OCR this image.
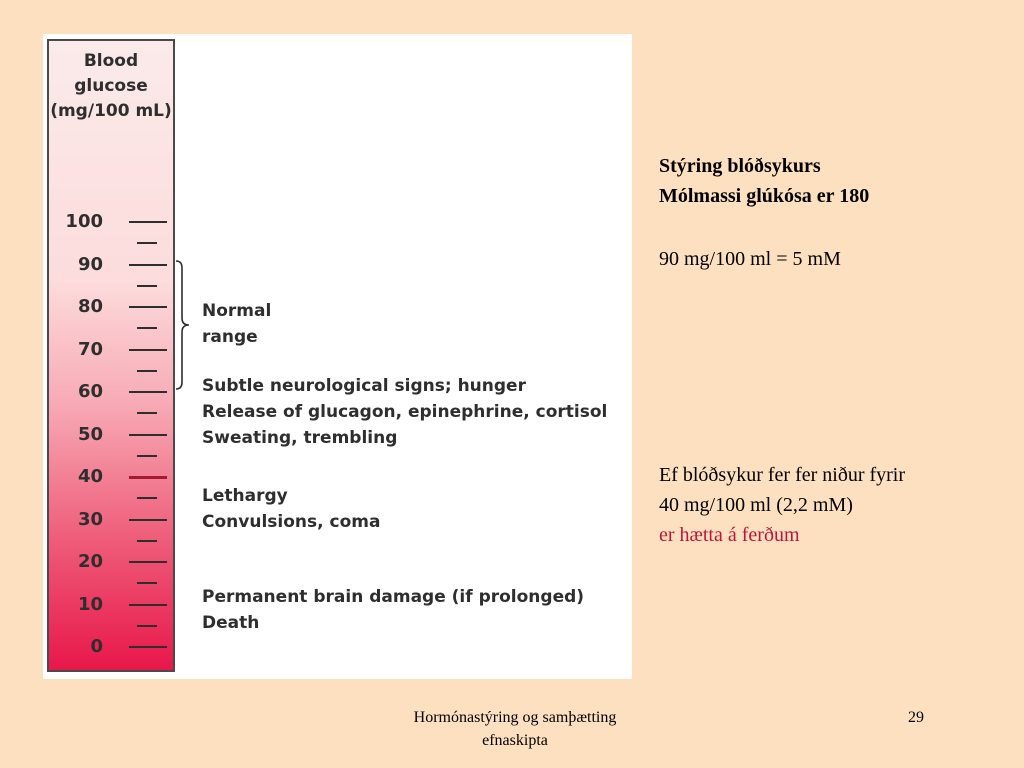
Blood
glucose
(mg/100 mL)
100
90
80
70
60
50
40
30
20
10
0
Normal
range
Subtle neurological signs; hunger
Release of glucagon, epinephrine, cortisol
Sweating, trembling
Lethargy
Convulsions, coma
Permanent brain damage (if prolonged)
Death
Stýring blóðsykurs
Mólmassi glúkósa er 180
90 mg/100 ml = 5 mM
Ef blóðsykur fer fer niður fyrir
40 mg/100 ml (2,2 mM)
er hætta á ferðum
Hormónastýring og samþætting
efnaskipta
29
